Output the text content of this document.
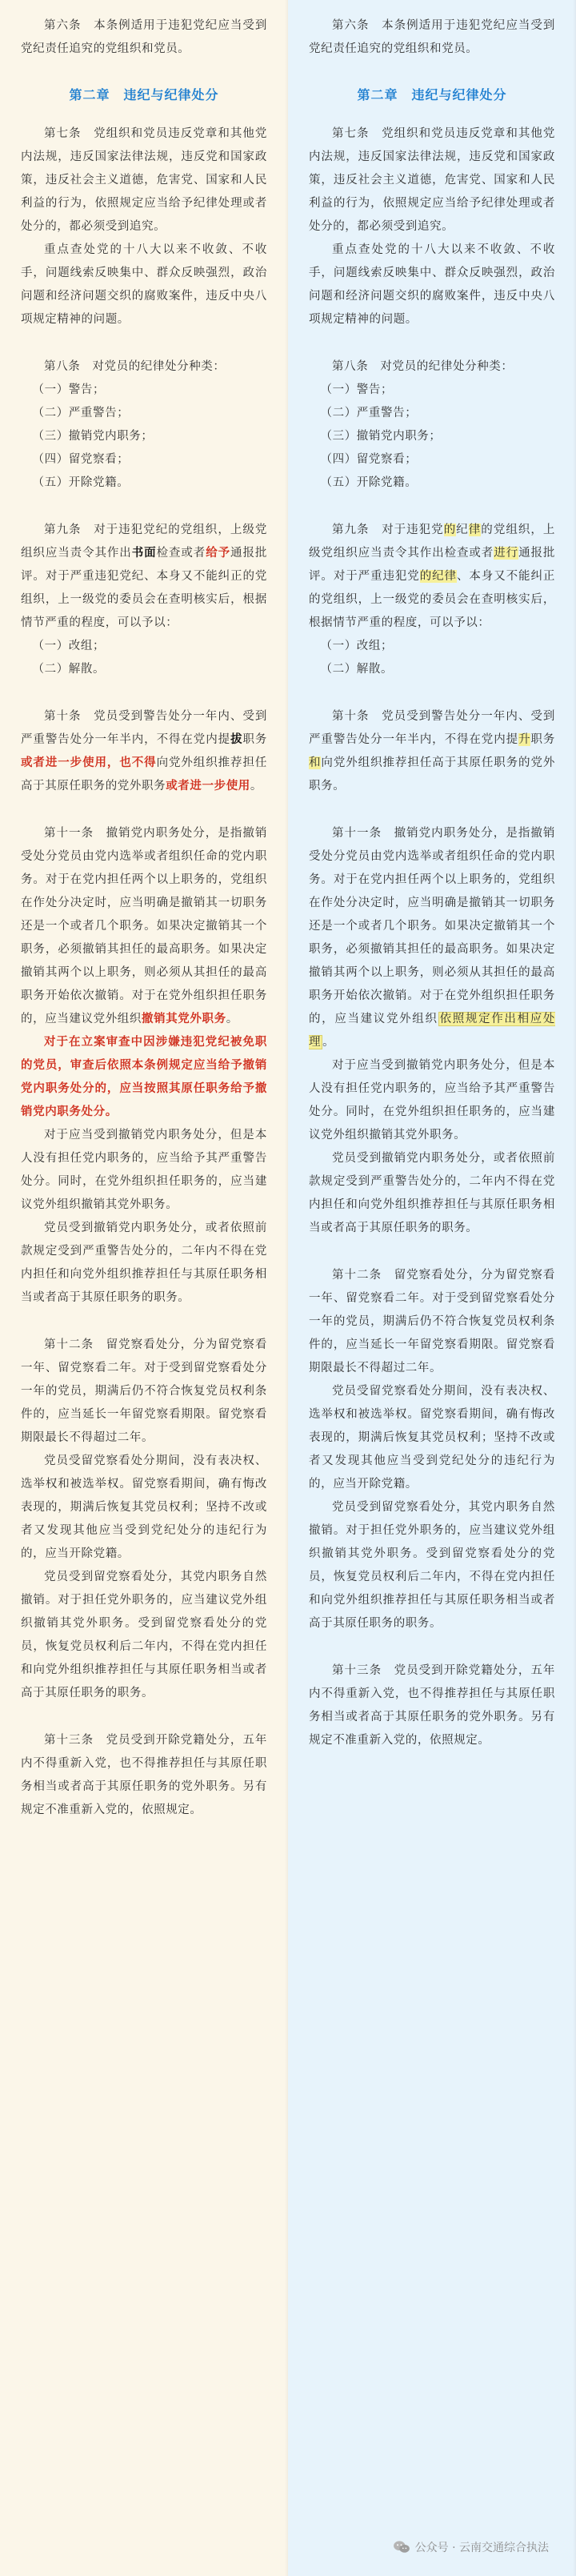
第六条　本条例适用于违犯党纪应当受到党纪责任追究的党组织和党员。

第二章　违纪与纪律处分

第七条　党组织和党员违反党章和其他党内法规，违反国家法律法规，违反党和国家政策，违反社会主义道德，危害党、国家和人民利益的行为，依照规定应当给予纪律处理或者处分的，都必须受到追究。

重点查处党的十八大以来不收敛、不收手，问题线索反映集中、群众反映强烈，政治问题和经济问题交织的腐败案件，违反中央八项规定精神的问题。

第八条　对党员的纪律处分种类：

（一）警告；

（二）严重警告；

（三）撤销党内职务；

（四）留党察看；

（五）开除党籍。

第九条　对于违犯党纪的党组织，上级党组织应当责令其作出书面检查或者给予通报批评。对于严重违犯党纪、本身又不能纠正的党组织，上一级党的委员会在查明核实后，根据情节严重的程度，可以予以：

（一）改组；

（二）解散。

第十条　党员受到警告处分一年内、受到严重警告处分一年半内，不得在党内提拔职务或者进一步使用，也不得向党外组织推荐担任高于其原任职务的党外职务或者进一步使用。

第十一条　撤销党内职务处分，是指撤销受处分党员由党内选举或者组织任命的党内职务。对于在党内担任两个以上职务的，党组织在作处分决定时，应当明确是撤销其一切职务还是一个或者几个职务。如果决定撤销其一个职务，必须撤销其担任的最高职务。如果决定撤销其两个以上职务，则必须从其担任的最高职务开始依次撤销。对于在党外组织担任职务的，应当建议党外组织撤销其党外职务。

对于在立案审查中因涉嫌违犯党纪被免职的党员，审查后依照本条例规定应当给予撤销党内职务处分的，应当按照其原任职务给予撤销党内职务处分。

对于应当受到撤销党内职务处分，但是本人没有担任党内职务的，应当给予其严重警告处分。同时，在党外组织担任职务的，应当建议党外组织撤销其党外职务。

党员受到撤销党内职务处分，或者依照前款规定受到严重警告处分的，二年内不得在党内担任和向党外组织推荐担任与其原任职务相当或者高于其原任职务的职务。

第十二条　留党察看处分，分为留党察看一年、留党察看二年。对于受到留党察看处分一年的党员，期满后仍不符合恢复党员权利条件的，应当延长一年留党察看期限。留党察看期限最长不得超过二年。

党员受留党察看处分期间，没有表决权、选举权和被选举权。留党察看期间，确有悔改表现的，期满后恢复其党员权利；坚持不改或者又发现其他应当受到党纪处分的违纪行为的，应当开除党籍。

党员受到留党察看处分，其党内职务自然撤销。对于担任党外职务的，应当建议党外组织撤销其党外职务。受到留党察看处分的党员，恢复党员权利后二年内，不得在党内担任和向党外组织推荐担任与其原任职务相当或者高于其原任职务的职务。

第十三条　党员受到开除党籍处分，五年内不得重新入党，也不得推荐担任与其原任职务相当或者高于其原任职务的党外职务。另有规定不准重新入党的，依照规定。

第六条　本条例适用于违犯党纪应当受到党纪责任追究的党组织和党员。

第二章　违纪与纪律处分

第七条　党组织和党员违反党章和其他党内法规，违反国家法律法规，违反党和国家政策，违反社会主义道德，危害党、国家和人民利益的行为，依照规定应当给予纪律处理或者处分的，都必须受到追究。

重点查处党的十八大以来不收敛、不收手，问题线索反映集中、群众反映强烈，政治问题和经济问题交织的腐败案件，违反中央八项规定精神的问题。

第八条　对党员的纪律处分种类：

（一）警告；

（二）严重警告；

（三）撤销党内职务；

（四）留党察看；

（五）开除党籍。

第九条　对于违犯党的纪律的党组织，上级党组织应当责令其作出检查或者进行通报批评。对于严重违犯党的纪律、本身又不能纠正的党组织，上一级党的委员会在查明核实后，根据情节严重的程度，可以予以：

（一）改组；

（二）解散。

第十条　党员受到警告处分一年内、受到严重警告处分一年半内，不得在党内提升职务和向党外组织推荐担任高于其原任职务的党外职务。

第十一条　撤销党内职务处分，是指撤销受处分党员由党内选举或者组织任命的党内职务。对于在党内担任两个以上职务的，党组织在作处分决定时，应当明确是撤销其一切职务还是一个或者几个职务。如果决定撤销其一个职务，必须撤销其担任的最高职务。如果决定撤销其两个以上职务，则必须从其担任的最高职务开始依次撤销。对于在党外组织担任职务的，应当建议党外组织 依照规定作出相应处理 。

对于应当受到撤销党内职务处分，但是本人没有担任党内职务的，应当给予其严重警告处分。同时，在党外组织担任职务的，应当建议党外组织撤销其党外职务。

党员受到撤销党内职务处分，或者依照前款规定受到严重警告处分的，二年内不得在党内担任和向党外组织推荐担任与其原任职务相当或者高于其原任职务的职务。

第十二条　留党察看处分，分为留党察看一年、留党察看二年。对于受到留党察看处分一年的党员，期满后仍不符合恢复党员权利条件的，应当延长一年留党察看期限。留党察看期限最长不得超过二年。

党员受留党察看处分期间，没有表决权、选举权和被选举权。留党察看期间，确有悔改表现的，期满后恢复其党员权利；坚持不改或者又发现其他应当受到党纪处分的违纪行为的，应当开除党籍。

党员受到留党察看处分，其党内职务自然撤销。对于担任党外职务的，应当建议党外组织撤销其党外职务。受到留党察看处分的党员，恢复党员权利后二年内，不得在党内担任和向党外组织推荐担任与其原任职务相当或者高于其原任职务的职务。

第十三条　党员受到开除党籍处分，五年内不得重新入党，也不得推荐担任与其原任职务相当或者高于其原任职务的党外职务。另有规定不准重新入党的，依照规定。

公众号 · 云南交通综合执法
